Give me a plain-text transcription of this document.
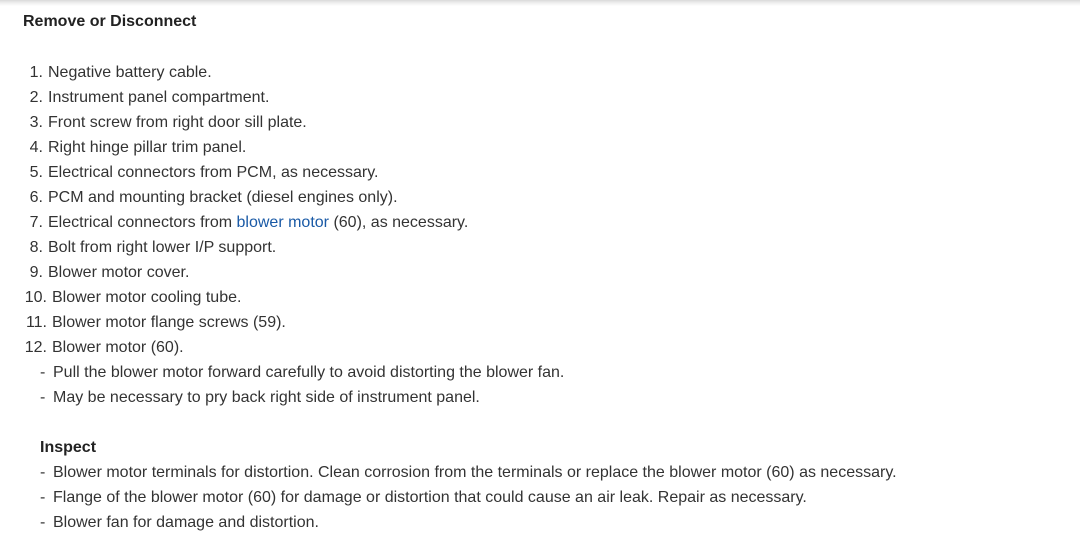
Remove or Disconnect
1. Negative battery cable.
2. Instrument panel compartment.
3. Front screw from right door sill plate.
4. Right hinge pillar trim panel.
5. Electrical connectors from PCM, as necessary.
6. PCM and mounting bracket (diesel engines only).
7. Electrical connectors from blower motor (60), as necessary.
8. Bolt from right lower I/P support.
9. Blower motor cover.
10. Blower motor cooling tube.
11. Blower motor flange screws (59).
12. Blower motor (60).
- Pull the blower motor forward carefully to avoid distorting the blower fan.
- May be necessary to pry back right side of instrument panel.
Inspect
- Blower motor terminals for distortion. Clean corrosion from the terminals or replace the blower motor (60) as necessary.
- Flange of the blower motor (60) for damage or distortion that could cause an air leak. Repair as necessary.
- Blower fan for damage and distortion.
